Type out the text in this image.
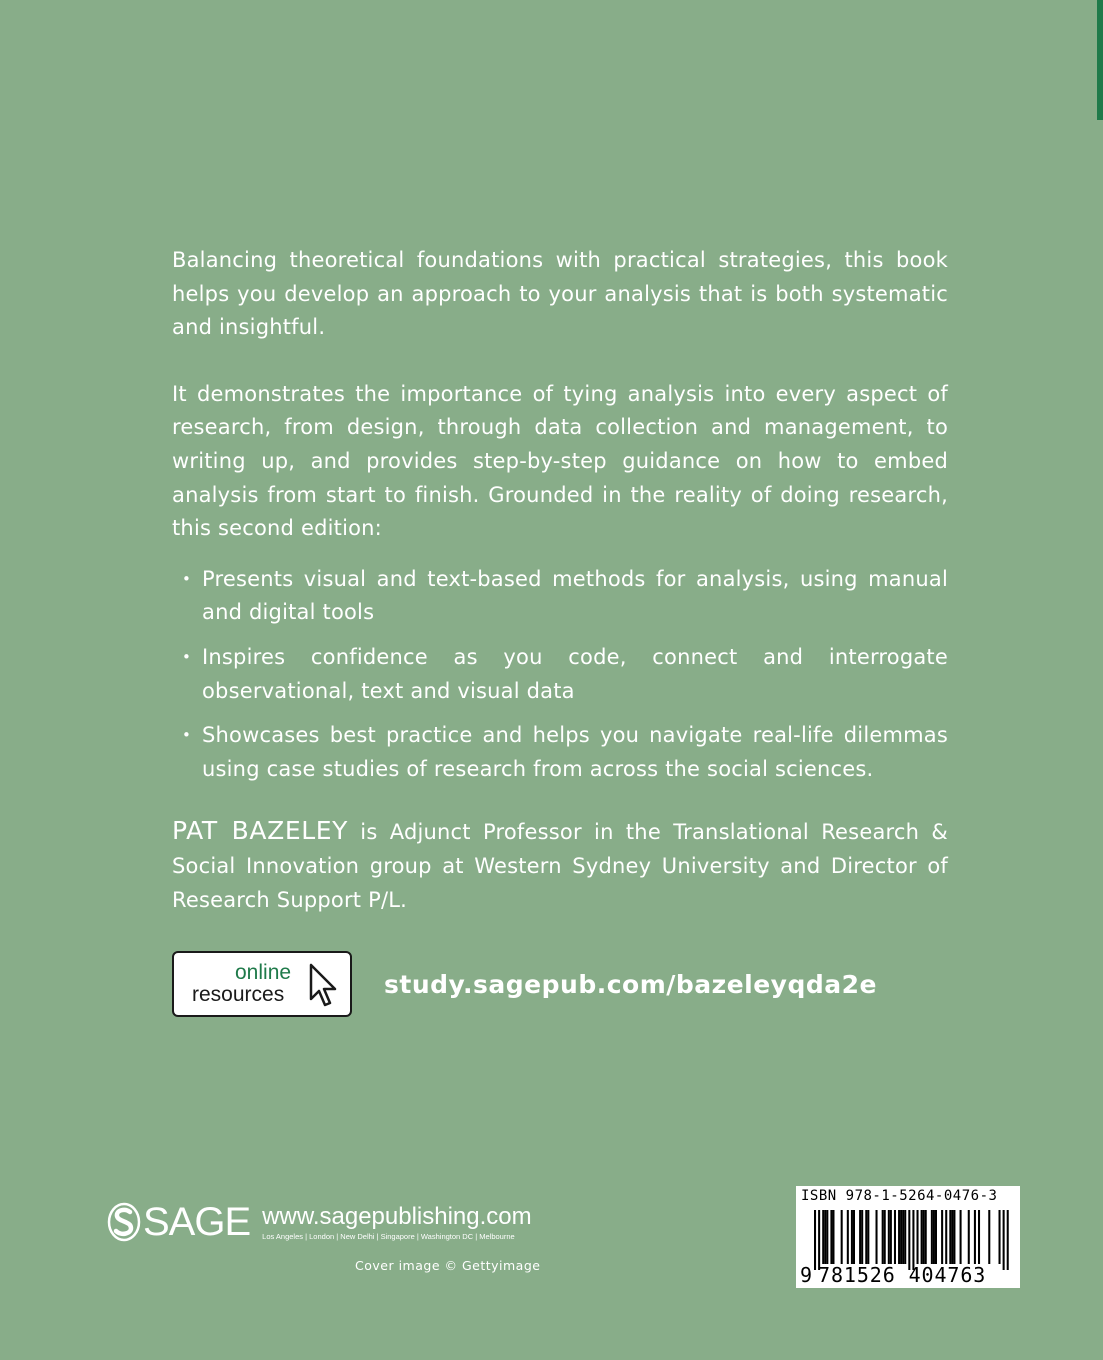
Balancing theoretical foundations with practical strategies, this book helps you develop an approach to your analysis that is both systematic and insightful.

It demonstrates the importance of tying analysis into every aspect of research, from design, through data collection and management, to writing up, and provides step-by-step guidance on how to embed analysis from start to finish. Grounded in the reality of doing research, this second edition:

• Presents visual and text-based methods for analysis, using manual and digital tools
• Inspires confidence as you code, connect and interrogate observational, text and visual data
• Showcases best practice and helps you navigate real-life dilemmas using case studies of research from across the social sciences.

PAT BAZELEY is Adjunct Professor in the Translational Research & Social Innovation group at Western Sydney University and Director of Research Support P/L.

online
resources	study.sagepub.com/bazeleyqda2e
SAGE www.sagepublishing.com
Los Angeles | London | New Delhi | Singapore | Washington DC | Melbourne
Cover image © Gettyimage
ISBN 978-1-5264-0476-3
9 781526 404763
